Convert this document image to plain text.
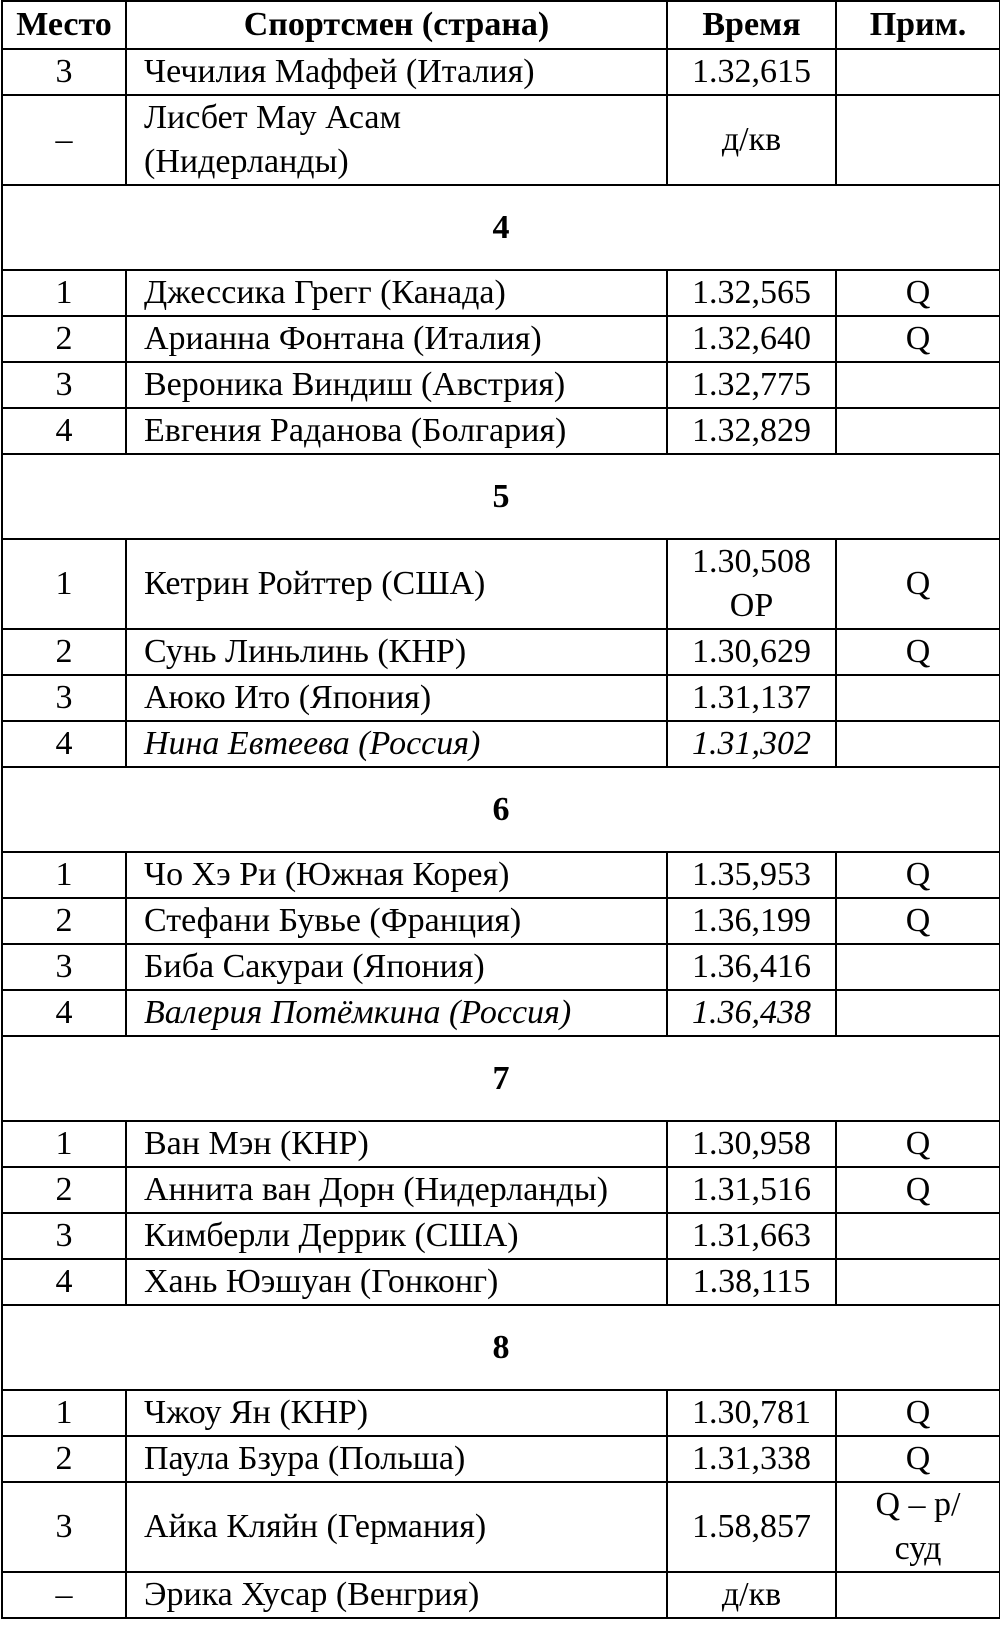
Место	Спортсмен (страна)	Время	Прим.
3	Чечилия Маффей (Италия)	1.32,615	
–	Лисбет Мау Асам (Нидерланды)	д/кв	
4			
1	Джессика Грегг (Канада)	1.32,565	Q
2	Арианна Фонтана (Италия)	1.32,640	Q
3	Вероника Виндиш (Австрия)	1.32,775	
4	Евгения Раданова (Болгария)	1.32,829	
5			
1	Кетрин Ройттер (США)	1.30,508 ОР	Q
2	Сунь Линьлинь (КНР)	1.30,629	Q
3	Аюко Ито (Япония)	1.31,137	
4	Нина Евтеева (Россия)	1.31,302	
6			
1	Чо Хэ Ри (Южная Корея)	1.35,953	Q
2	Стефани Бувье (Франция)	1.36,199	Q
3	Биба Сакураи (Япония)	1.36,416	
4	Валерия Потёмкина (Россия)	1.36,438	
7			
1	Ван Мэн (КНР)	1.30,958	Q
2	Аннита ван Дорн (Нидерланды)	1.31,516	Q
3	Кимберли Деррик (США)	1.31,663	
4	Хань Юэшуан (Гонконг)	1.38,115	
8			
1	Чжоу Ян (КНР)	1.30,781	Q
2	Паула Бзура (Польша)	1.31,338	Q
3	Айка Кляйн (Германия)	1.58,857	Q – р/суд
–	Эрика Хусар (Венгрия)	д/кв	
